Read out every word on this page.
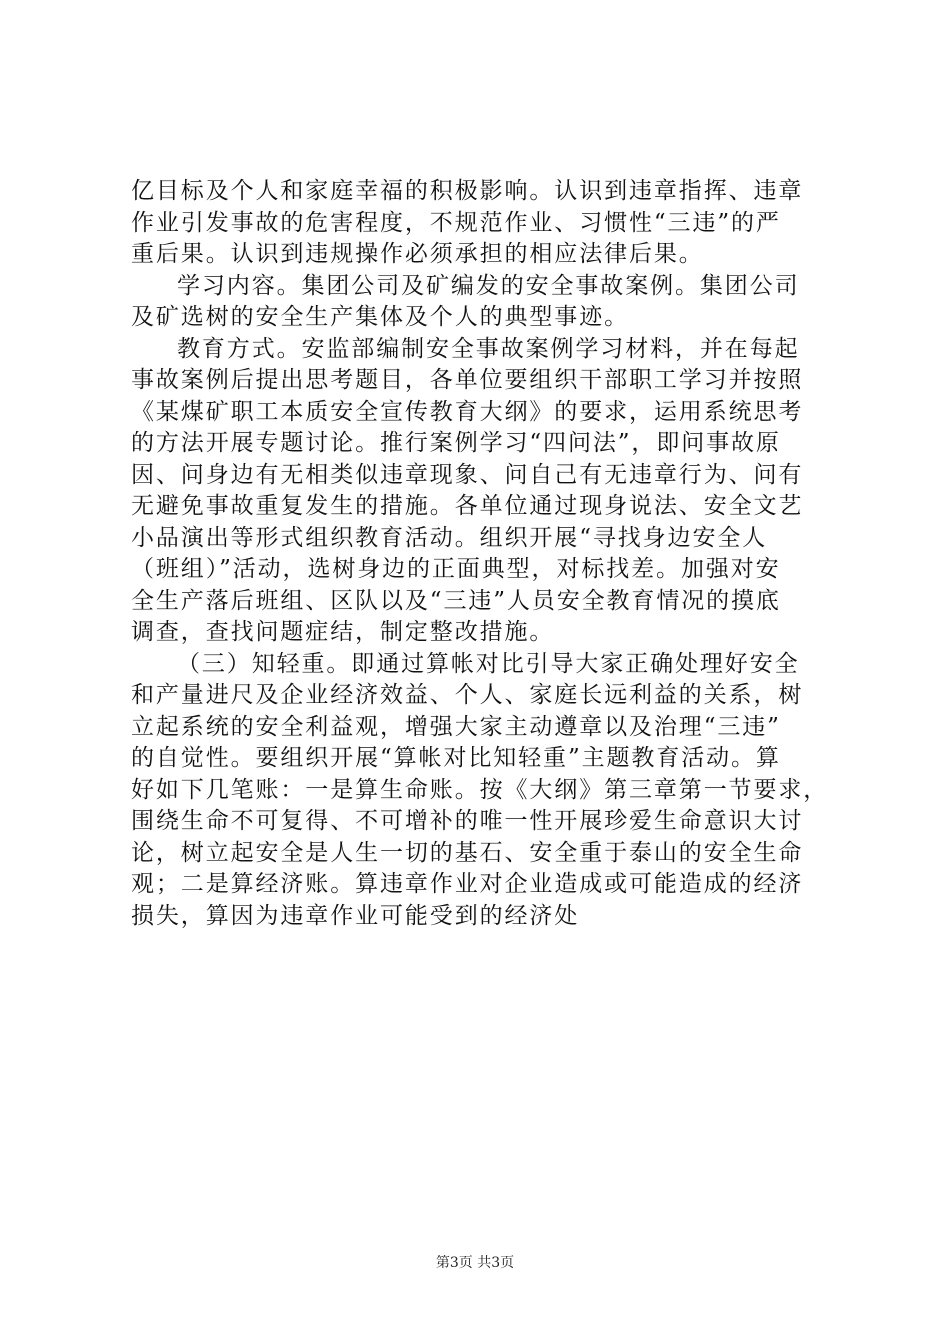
亿目标及个人和家庭幸福的积极影响。认识到违章指挥、违章
作业引发事故的危害程度，不规范作业、习惯性“三违”的严
重后果。认识到违规操作必须承担的相应法律后果。
学习内容。集团公司及矿编发的安全事故案例。集团公司
及矿选树的安全生产集体及个人的典型事迹。
教育方式。安监部编制安全事故案例学习材料，并在每起
事故案例后提出思考题目，各单位要组织干部职工学习并按照
《某煤矿职工本质安全宣传教育大纲》的要求，运用系统思考
的方法开展专题讨论。推行案例学习“四问法”，即问事故原
因、问身边有无相类似违章现象、问自己有无违章行为、问有
无避免事故重复发生的措施。各单位通过现身说法、安全文艺
小品演出等形式组织教育活动。组织开展“寻找身边安全人
（班组）”活动，选树身边的正面典型，对标找差。加强对安
全生产落后班组、区队以及“三违”人员安全教育情况的摸底
调查，查找问题症结，制定整改措施。
（三）知轻重。即通过算帐对比引导大家正确处理好安全
和产量进尺及企业经济效益、个人、家庭长远利益的关系，树
立起系统的安全利益观，增强大家主动遵章以及治理“三违”
的自觉性。要组织开展“算帐对比知轻重”主题教育活动。算
好如下几笔账：一是算生命账。按《大纲》第三章第一节要求，
围绕生命不可复得、不可增补的唯一性开展珍爱生命意识大讨
论，树立起安全是人生一切的基石、安全重于泰山的安全生命
观；二是算经济账。算违章作业对企业造成或可能造成的经济
损失，算因为违章作业可能受到的经济处
第3页 共3页
